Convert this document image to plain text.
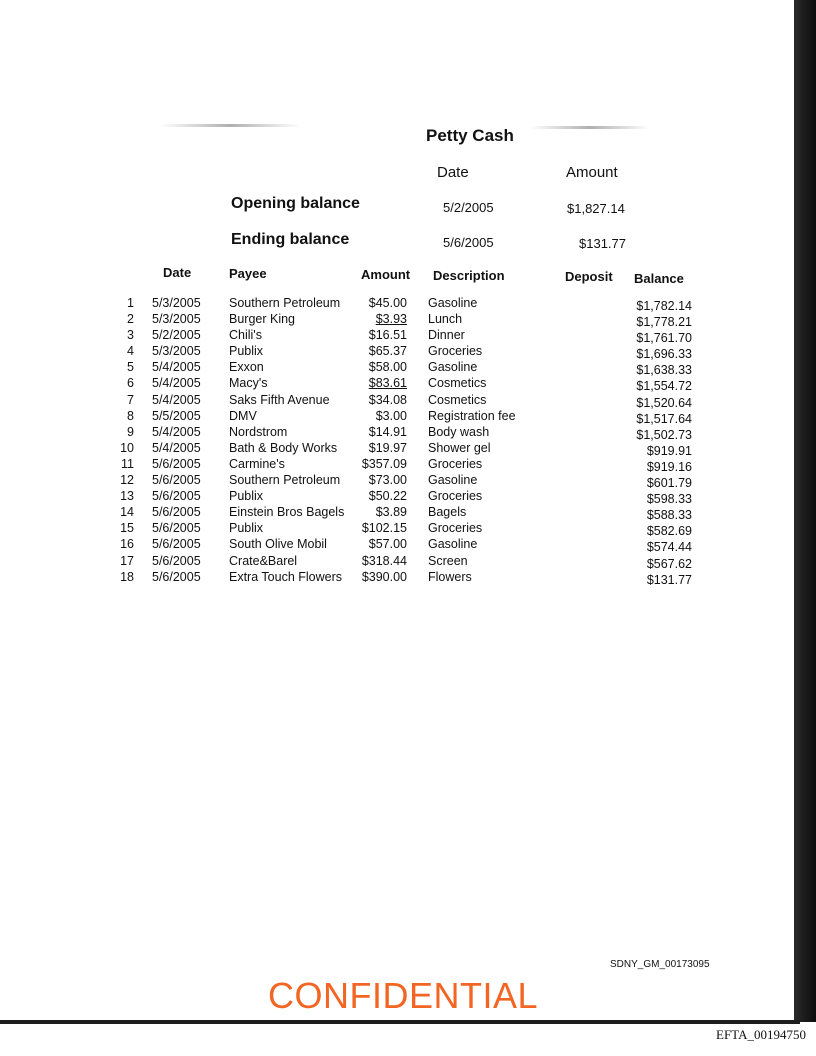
Petty Cash
Date	Amount
Opening balance	5/2/2005	$1,827.14
Ending balance	5/6/2005	$131.77
Date	Payee	Amount Description	Deposit Balance
1 5/3/2005 Southern Petroleum $45.00 Gasoline	$1,782.14
2 5/3/2005 Burger King	$3.93 Lunch	$1,778.21
3 5/2/2005 Chili's	$16.51 Dinner	$1,761.70
4 5/3/2005 Publix	$65.37 Groceries	$1,696.33
5 5/4/2005 Exxon	$58.00 Gasoline	$1,638.33
6 5/4/2005 Macy's	$83.61 Cosmetics	$1,554.72
7 5/4/2005 Saks Fifth Avenue	$34.08 Cosmetics	$1,520.64
8 5/5/2005 DMV	$3.00 Registration fee	$1,517.64
9 5/4/2005 Nordstrom	$14.91 Body wash	$1,502.73
10 5/4/2005 Bath & Body Works	$19.97 Shower gel	$919.91
11 5/6/2005 Carmine's	$357.09 Groceries	$919.16
12 5/6/2005 Southern Petroleum $73.00 Gasoline	$601.79
13 5/6/2005 Publix	$50.22 Groceries	$598.33
14 5/6/2005 Einstein Bros Bagels	$3.89 Bagels	$588.33
15 5/6/2005 Publix	$102.15 Groceries	$582.69
16 5/6/2005 South Olive Mobil	$57.00 Gasoline	$574.44
17 5/6/2005 Crate&Barel	$318.44 Screen	$567.62
18 5/6/2005 Extra Touch Flowers $390.00 Flowers	$131.77
SDNY_GM_00173095
CONFIDENTIAL
EFTA_00194750
